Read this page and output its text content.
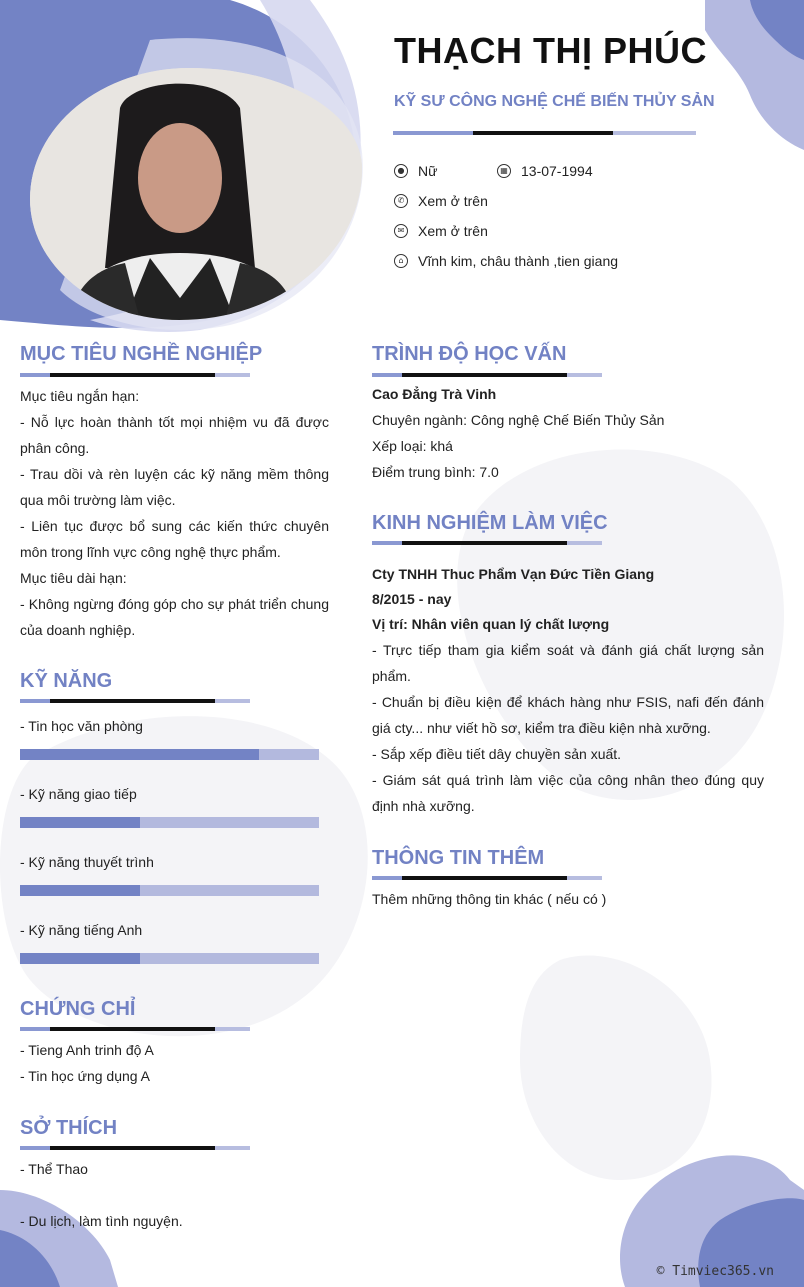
THẠCH THỊ PHÚC
KỸ SƯ CÔNG NGHỆ CHẾ BIẾN THỦY SẢN
● Nữ	▦ 13-07-1994
✆ Xem ở trên
✉ Xem ở trên
⌂	Vĩnh kim, châu thành ,tien giang
MỤC TIÊU NGHỀ NGHIỆP
Mục tiêu ngắn hạn:
- Nỗ lực hoàn thành tốt mọi nhiệm vu đã được phân công.
- Trau dồi và rèn luyện các kỹ năng mềm thông qua môi trường làm việc.
- Liên tục được bổ sung các kiến thức chuyên môn trong lĩnh vực công nghệ thực phẩm.
Mục tiêu dài hạn:
- Không ngừng đóng góp cho sự phát triển chung của doanh nghiệp.
KỸ NĂNG
- Tin học văn phòng
- Kỹ năng giao tiếp
- Kỹ năng thuyết trình
- Kỹ năng tiếng Anh
CHỨNG CHỈ
- Tieng Anh trinh độ A
- Tin học ứng dụng A
SỞ THÍCH
- Thể Thao
- Du lịch, làm tình nguyện.
TRÌNH ĐỘ HỌC VẤN
Cao Đẳng Trà Vinh
Chuyên ngành: Công nghệ Chế Biến Thủy Sản
Xếp loại: khá
Điểm trung bình: 7.0
KINH NGHIỆM LÀM VIỆC
Cty TNHH Thuc Phẩm Vạn Đức Tiền Giang
8/2015 - nay
Vị trí: Nhân viên quan lý chất lượng
- Trực tiếp tham gia kiểm soát và đánh giá chất lượng sản phẩm.
- Chuẩn bị điều kiện để khách hàng như FSIS, nafi đến đánh giá cty... như viết hồ sơ, kiểm tra điều kiện nhà xưỡng.
- Sắp xếp điều tiết dây chuyền sản xuất.
- Giám sát quá trình làm việc của công nhân theo đúng quy định nhà xưỡng.
THÔNG TIN THÊM
Thêm những thông tin khác ( nếu có )
© Timviec365.vn
